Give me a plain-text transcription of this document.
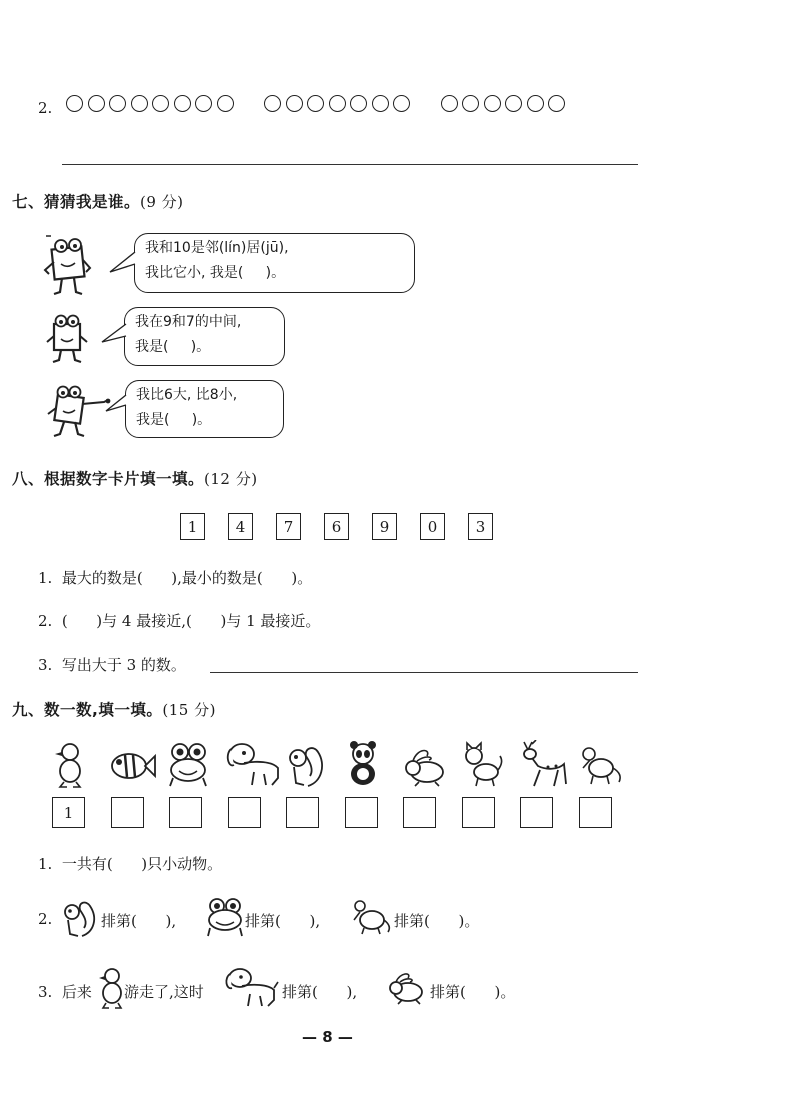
2.
七、猜猜我是谁。(9 分)
我和10是邻(lín)居(jū),
我比它小, 我是(     )。
我在9和7的中间,
我是(     )。
我比6大, 比8小,
我是(     )。
八、根据数字卡片填一填。(12 分)
1	4	7	6	9	0	3
1.  最大的数是(      ),最小的数是(      )。
2.  (      )与 4 最接近,(      )与 1 最接近。
3.  写出大于 3 的数。
九、数一数,填一填。(15 分)
1
1.  一共有(      )只小动物。
2.	排第(      ),	排第(      ),	排第(      )。
3.  后来 游走了,这时	排第(      ),	排第(      )。
— 8 —
